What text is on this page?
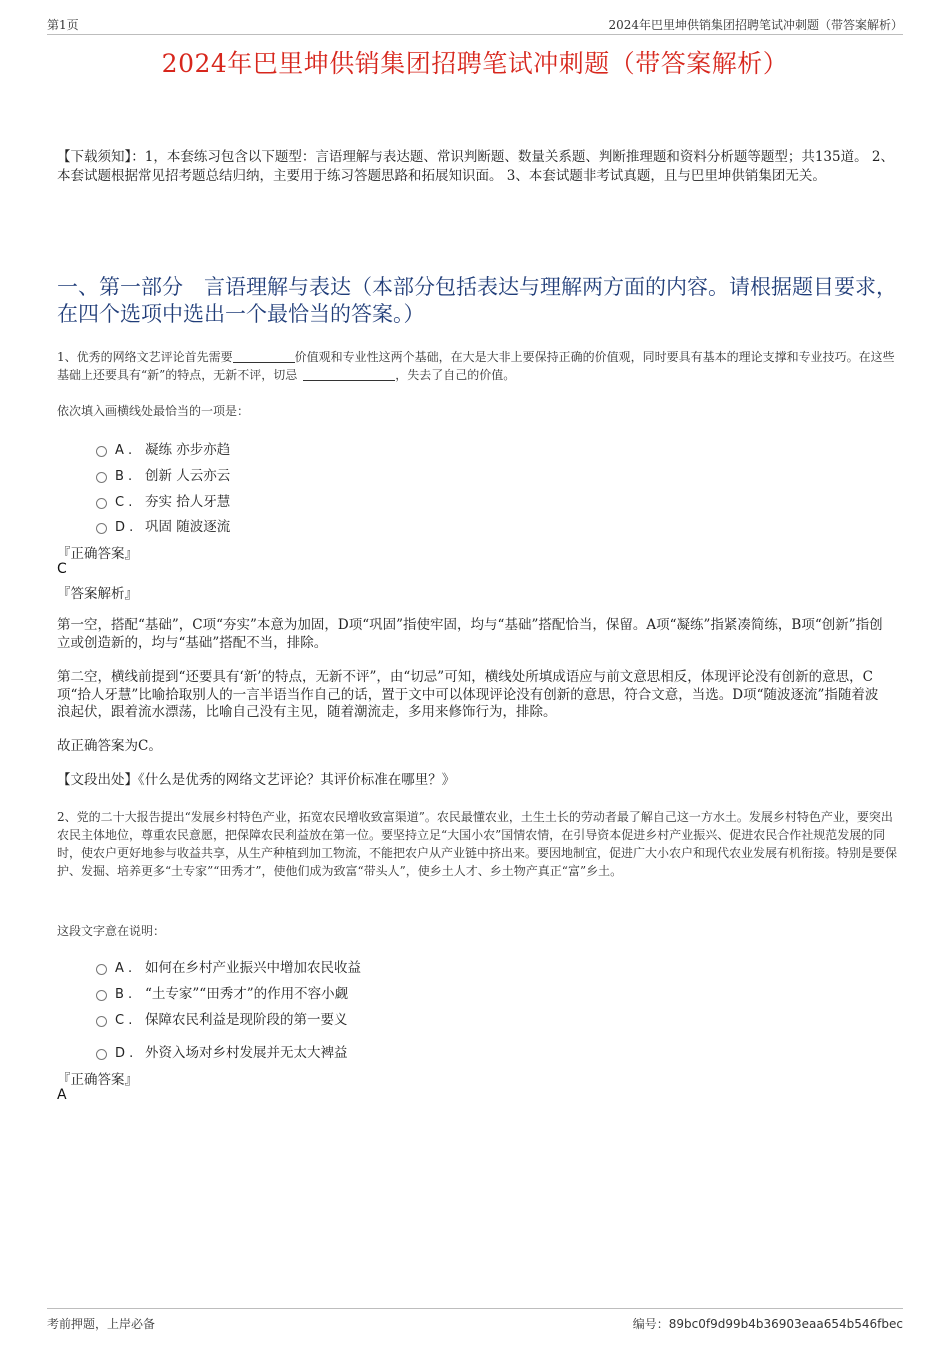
第1页	2024年巴里坤供销集团招聘笔试冲刺题（带答案解析）
2024年巴里坤供销集团招聘笔试冲刺题（带答案解析）
【下载须知】：1，本套练习包含以下题型：言语理解与表达题、常识判断题、数量关系题、判断推理题和资料分析题等题型；共135道。 2、本套试题根据常见招考题总结归纳，主要用于练习答题思路和拓展知识面。 3、本套试题非考试真题，且与巴里坤供销集团无关。
一、第一部分　言语理解与表达（本部分包括表达与理解两方面的内容。请根据题目要求，在四个选项中选出一个最恰当的答案。）
1、优秀的网络文艺评论首先需要	价值观和专业性这两个基础，在大是大非上要保持正确的价值观，同时要具有基本的理论支撑和专业技巧。在这些基础上还要具有“新”的特点，无新不评，切忌	，失去了自己的价值。
依次填入画横线处最恰当的一项是：
A . 凝练 亦步亦趋
B . 创新 人云亦云
C . 夯实 拾人牙慧
D . 巩固 随波逐流
『正确答案』
C
『答案解析』
第一空，搭配“基础”，C项“夯实”本意为加固，D项“巩固”指使牢固，均与“基础”搭配恰当，保留。A项“凝练”指紧凑简练，B项“创新”指创立或创造新的，均与“基础”搭配不当，排除。
第二空，横线前提到“还要具有‘新’的特点，无新不评”，由“切忌”可知，横线处所填成语应与前文意思相反，体现评论没有创新的意思，C项“拾人牙慧”比喻拾取别人的一言半语当作自己的话，置于文中可以体现评论没有创新的意思，符合文意，当选。D项“随波逐流”指随着波浪起伏，跟着流水漂荡，比喻自己没有主见，随着潮流走，多用来修饰行为，排除。
故正确答案为C。
【文段出处】《什么是优秀的网络文艺评论？其评价标准在哪里？》
2、党的二十大报告提出“发展乡村特色产业，拓宽农民增收致富渠道”。农民最懂农业，土生土长的劳动者最了解自己这一方水土。发展乡村特色产业，要突出农民主体地位，尊重农民意愿，把保障农民利益放在第一位。要坚持立足“大国小农”国情农情，在引导资本促进乡村产业振兴、促进农民合作社规范发展的同时，使农户更好地参与收益共享，从生产种植到加工物流，不能把农户从产业链中挤出来。要因地制宜，促进广大小农户和现代农业发展有机衔接。特别是要保护、发掘、培养更多“土专家”“田秀才”，使他们成为致富“带头人”，使乡土人才、乡土物产真正“富”乡土。
这段文字意在说明：
A . 如何在乡村产业振兴中增加农民收益
B . “土专家”“田秀才”的作用不容小觑
C . 保障农民利益是现阶段的第一要义
D . 外资入场对乡村发展并无太大裨益
『正确答案』
A
考前押题，上岸必备	编号：89bc0f9d99b4b36903eaa654b546fbec
